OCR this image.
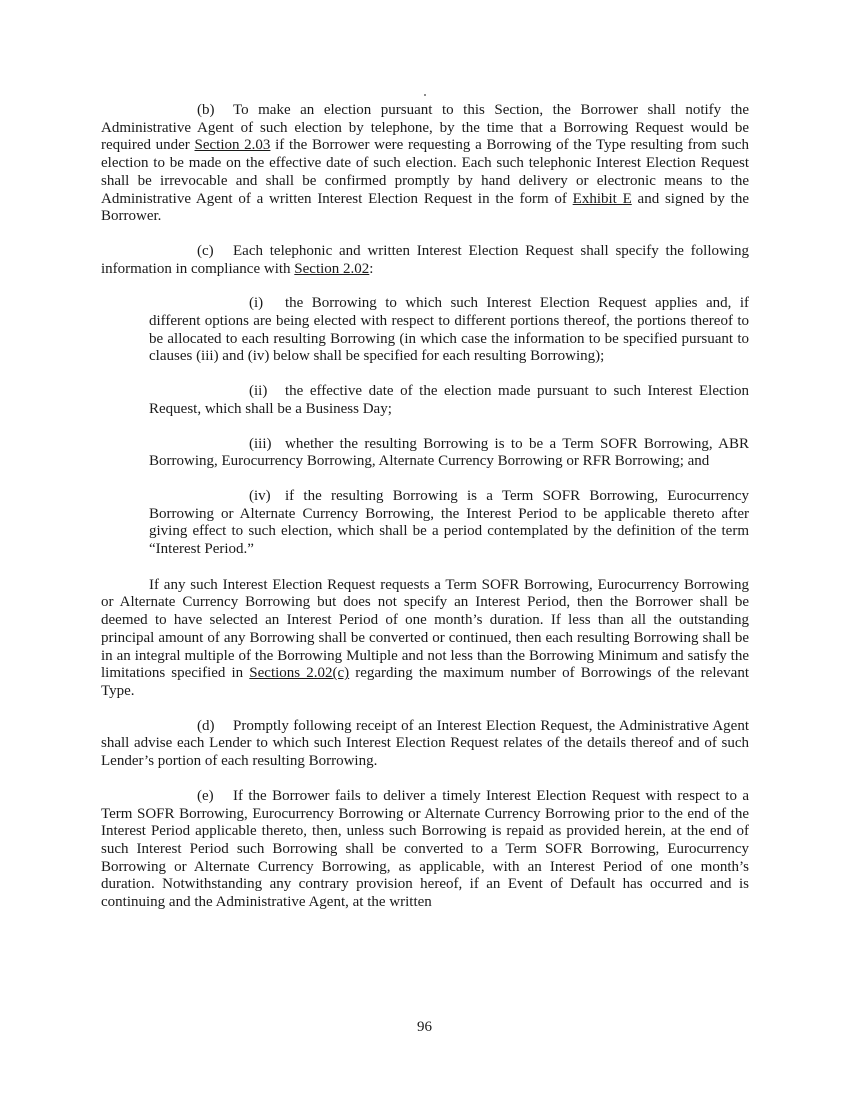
(b) To make an election pursuant to this Section, the Borrower shall notify the Administrative Agent of such election by telephone, by the time that a Borrowing Request would be required under Section 2.03 if the Borrower were requesting a Borrowing of the Type resulting from such election to be made on the effective date of such election. Each such telephonic Interest Election Request shall be irrevocable and shall be confirmed promptly by hand delivery or electronic means to the Administrative Agent of a written Interest Election Request in the form of Exhibit E and signed by the Borrower.

(c) Each telephonic and written Interest Election Request shall specify the following information in compliance with Section 2.02:

(i) the Borrowing to which such Interest Election Request applies and, if different options are being elected with respect to different portions thereof, the portions thereof to be allocated to each resulting Borrowing (in which case the information to be specified pursuant to clauses (iii) and (iv) below shall be specified for each resulting Borrowing);

(ii) the effective date of the election made pursuant to such Interest Election Request, which shall be a Business Day;

(iii) whether the resulting Borrowing is to be a Term SOFR Borrowing, ABR Borrowing, Eurocurrency Borrowing, Alternate Currency Borrowing or RFR Borrowing; and

(iv) if the resulting Borrowing is a Term SOFR Borrowing, Eurocurrency Borrowing or Alternate Currency Borrowing, the Interest Period to be applicable thereto after giving effect to such election, which shall be a period contemplated by the definition of the term “Interest Period.”

If any such Interest Election Request requests a Term SOFR Borrowing, Eurocurrency Borrowing or Alternate Currency Borrowing but does not specify an Interest Period, then the Borrower shall be deemed to have selected an Interest Period of one month’s duration. If less than all the outstanding principal amount of any Borrowing shall be converted or continued, then each resulting Borrowing shall be in an integral multiple of the Borrowing Multiple and not less than the Borrowing Minimum and satisfy the limitations specified in Sections 2.02(c) regarding the maximum number of Borrowings of the relevant Type.

(d) Promptly following receipt of an Interest Election Request, the Administrative Agent shall advise each Lender to which such Interest Election Request relates of the details thereof and of such Lender’s portion of each resulting Borrowing.

(e) If the Borrower fails to deliver a timely Interest Election Request with respect to a Term SOFR Borrowing, Eurocurrency Borrowing or Alternate Currency Borrowing prior to the end of the Interest Period applicable thereto, then, unless such Borrowing is repaid as provided herein, at the end of such Interest Period such Borrowing shall be converted to a Term SOFR Borrowing, Eurocurrency Borrowing or Alternate Currency Borrowing, as applicable, with an Interest Period of one month’s duration. Notwithstanding any contrary provision hereof, if an Event of Default has occurred and is continuing and the Administrative Agent, at the written

96
